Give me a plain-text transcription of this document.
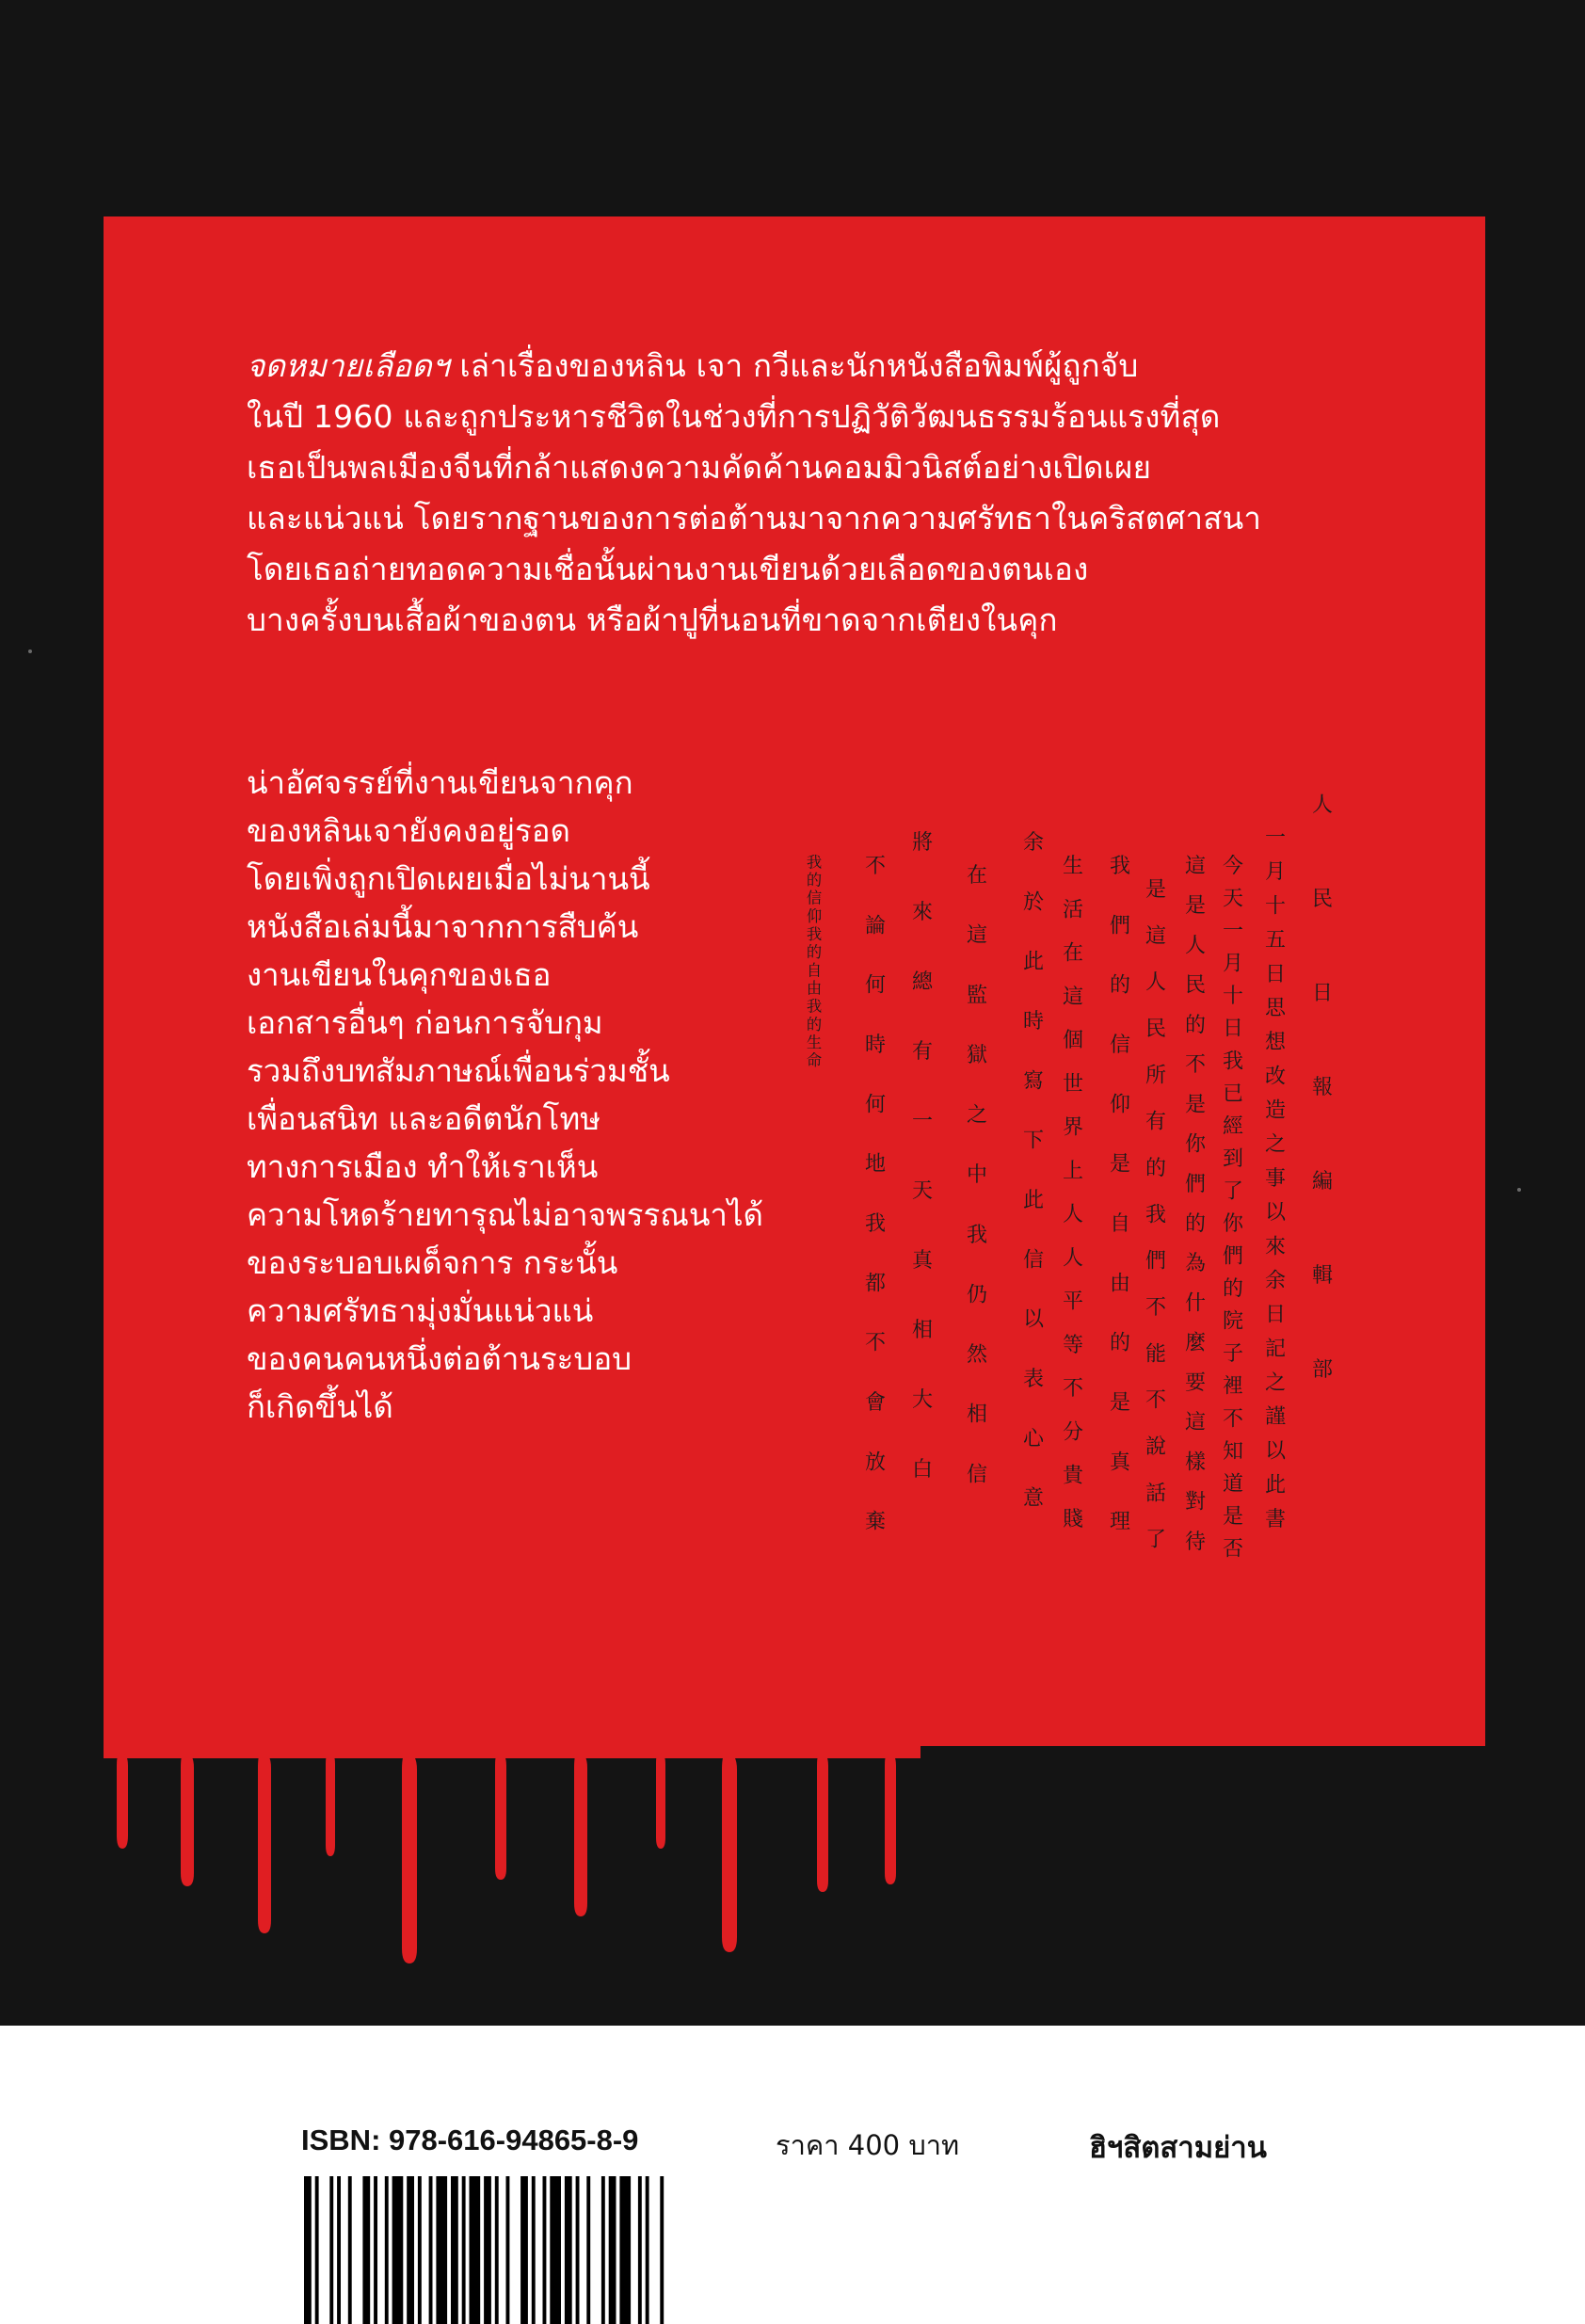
จดหมายเลือดฯ เล่าเรื่องของหลิน เจา กวีและนักหนังสือพิมพ์ผู้ถูกจับ
ในปี 1960 และถูกประหารชีวิตในช่วงที่การปฏิวัติวัฒนธรรมร้อนแรงที่สุด
เธอเป็นพลเมืองจีนที่กล้าแสดงความคัดค้านคอมมิวนิสต์อย่างเปิดเผย
และแน่วแน่ โดยรากฐานของการต่อต้านมาจากความศรัทธาในคริสตศาสนา
โดยเธอถ่ายทอดความเชื่อนั้นผ่านงานเขียนด้วยเลือดของตนเอง
บางครั้งบนเสื้อผ้าของตน หรือผ้าปูที่นอนที่ขาดจากเตียงในคุก
น่าอัศจรรย์ที่งานเขียนจากคุก
ของหลินเจายังคงอยู่รอด
โดยเพิ่งถูกเปิดเผยเมื่อไม่นานนี้
หนังสือเล่มนี้มาจากการสืบค้น
งานเขียนในคุกของเธอ
เอกสารอื่นๆ ก่อนการจับกุม
รวมถึงบทสัมภาษณ์เพื่อนร่วมชั้น
เพื่อนสนิท และอดีตนักโทษ
ทางการเมือง ทำให้เราเห็น
ความโหดร้ายทารุณไม่อาจพรรณนาได้
ของระบอบเผด็จการ กระนั้น
ความศรัทธามุ่งมั่นแน่วแน่
ของคนคนหนึ่งต่อต้านระบอบ
ก็เกิดขึ้นได้
人
民
日
報
編
輯
部
一
月
十
五
日
思
想
改
造
之
事
以
來
余
日
記
之
謹
以
此
書
今
天
一
月
十
日
我
已
經
到
了
你
們
的
院
子
裡
不
知
道
是
否
這
是
人
民
的
不
是
你
們
的
為
什
麼
要
這
樣
對
待
是
這
人
民
所
有
的
我
們
不
能
不
說
話
了
我
們
的
信
仰
是
自
由
的
是
真
理
生
活
在
這
個
世
界
上
人
人
平
等
不
分
貴
賤
余
於
此
時
寫
下
此
信
以
表
心
意
在
這
監
獄
之
中
我
仍
然
相
信
將
來
總
有
一
天
真
相
大
白
不
論
何
時
何
地
我
都
不
會
放
棄
我
的
信
仰
我
的
自
由
我
的
生
命
ISBN: 978-616-94865-8-9	ราคา 400 บาท	ฮิฯสิตสามย่าน
